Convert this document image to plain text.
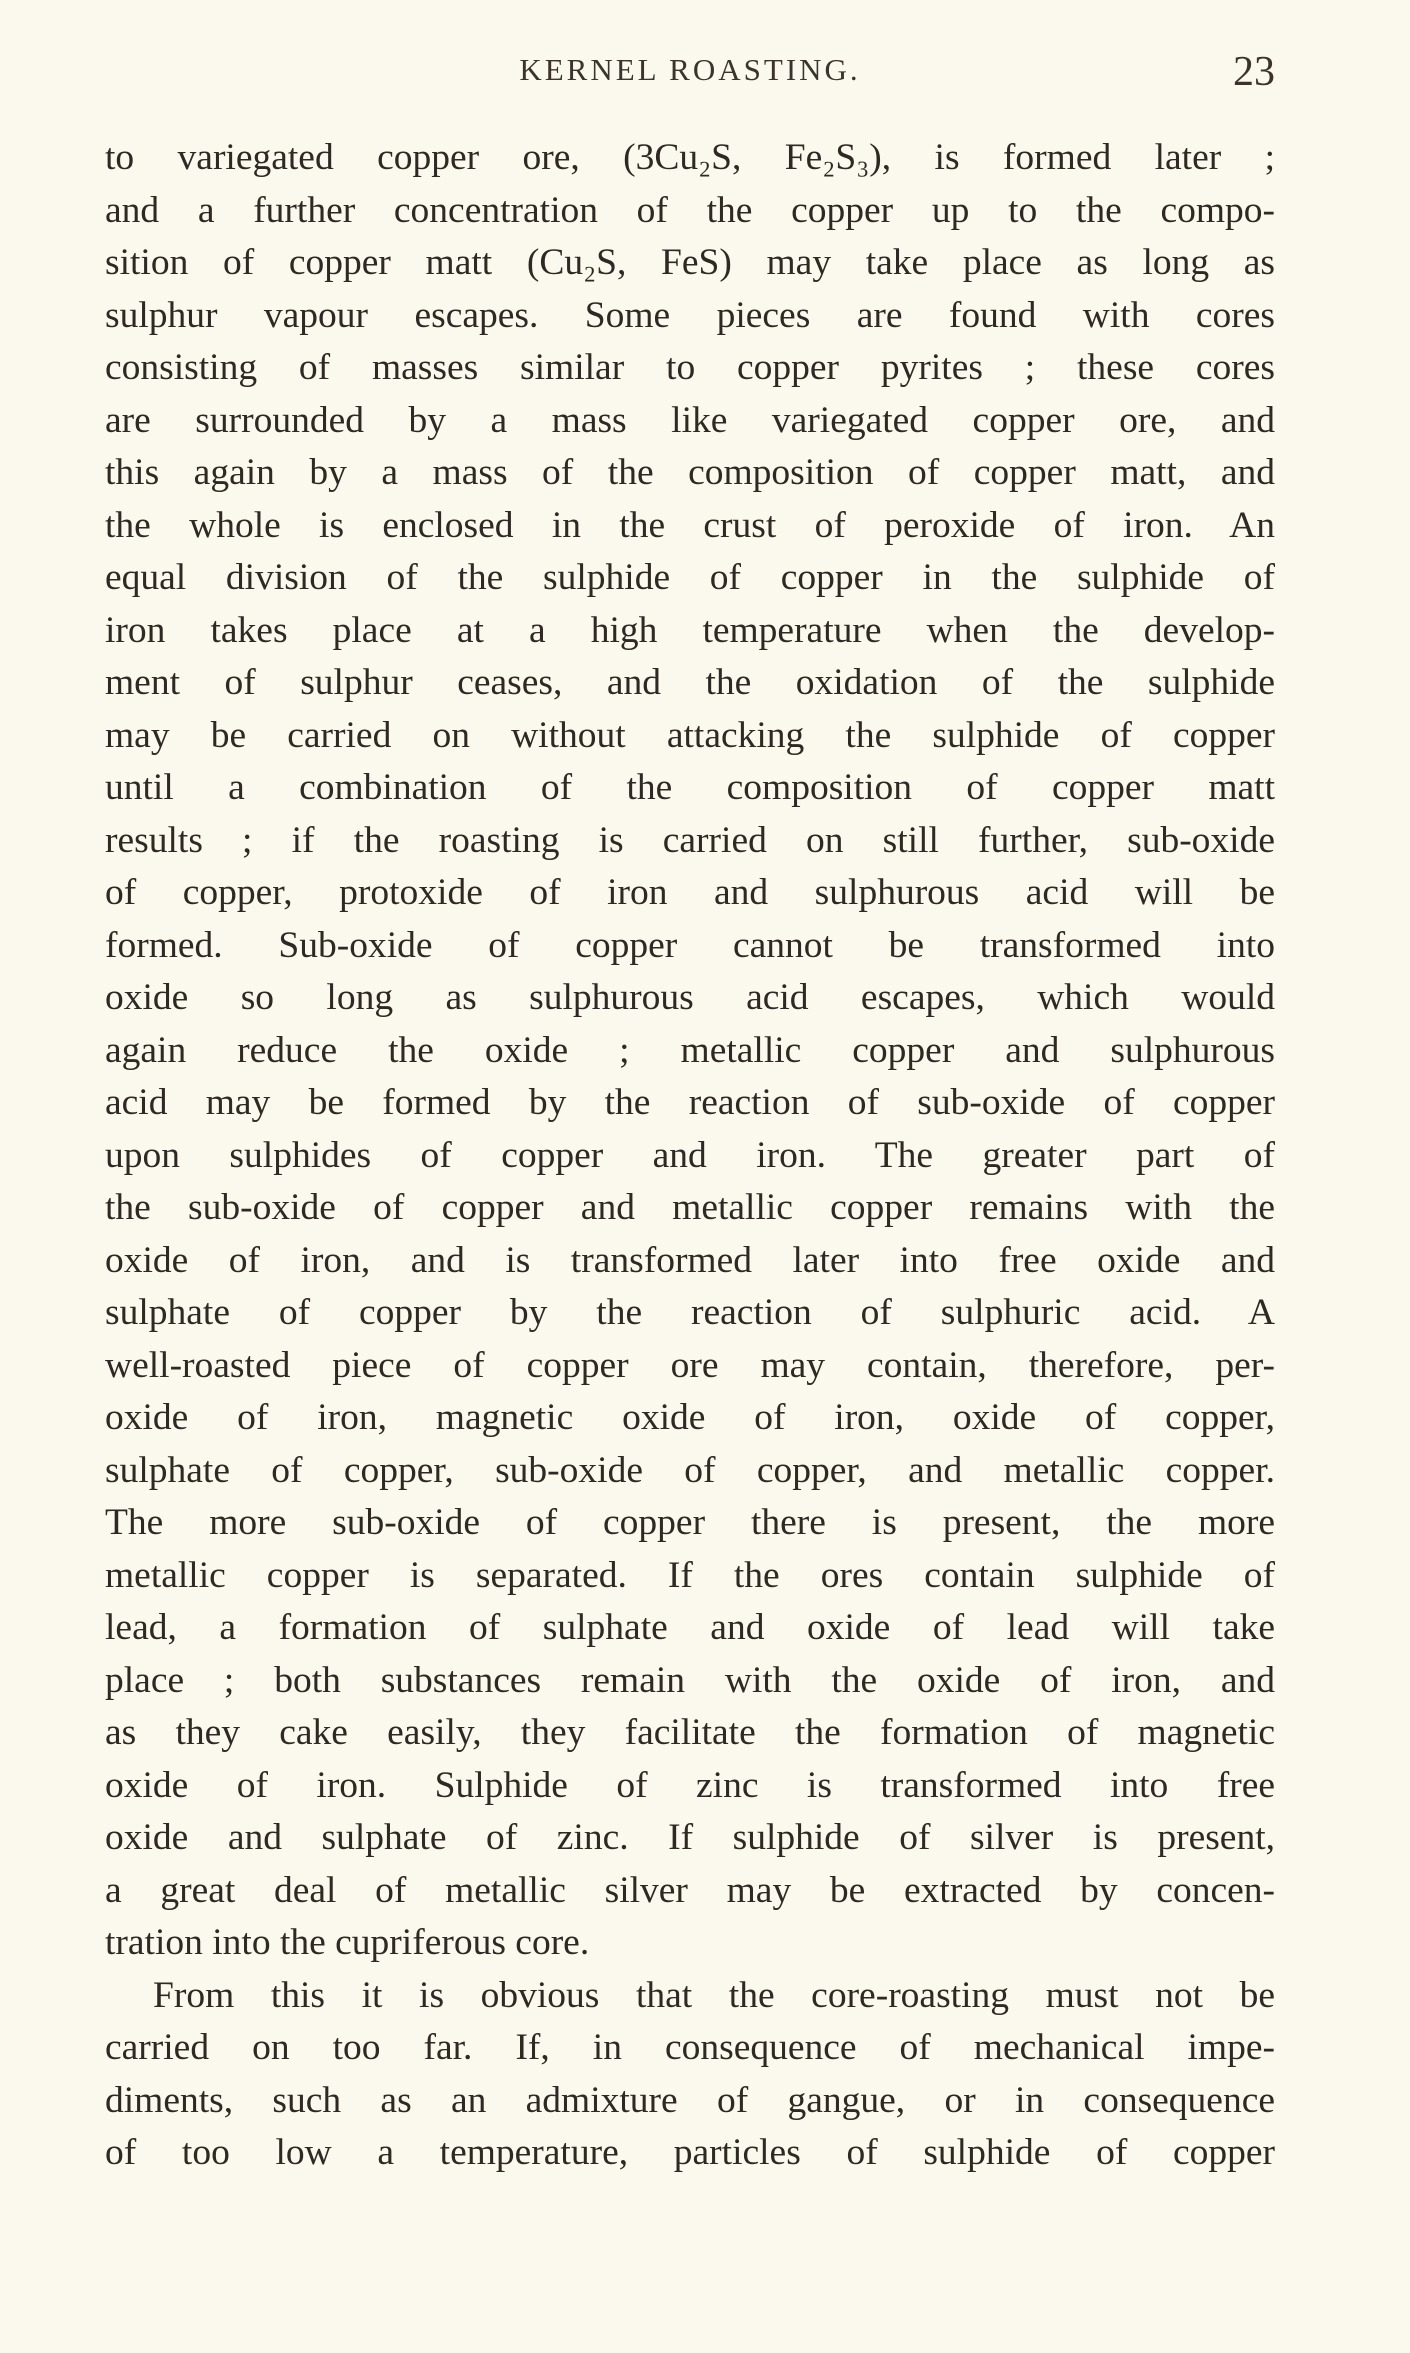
KERNEL ROASTING.	23
to variegated copper ore, (3Cu₂S, Fe₂S₃), is formed later ;
and a further concentration of the copper up to the compo-
sition of copper matt (Cu₂S, FeS) may take place as long as
sulphur vapour escapes. Some pieces are found with cores
consisting of masses similar to copper pyrites ; these cores
are surrounded by a mass like variegated copper ore, and
this again by a mass of the composition of copper matt, and
the whole is enclosed in the crust of peroxide of iron. An
equal division of the sulphide of copper in the sulphide of
iron takes place at a high temperature when the develop-
ment of sulphur ceases, and the oxidation of the sulphide
may be carried on without attacking the sulphide of copper
until a combination of the composition of copper matt
results ; if the roasting is carried on still further, sub-oxide
of copper, protoxide of iron and sulphurous acid will be
formed. Sub-oxide of copper cannot be transformed into
oxide so long as sulphurous acid escapes, which would
again reduce the oxide ; metallic copper and sulphurous
acid may be formed by the reaction of sub-oxide of copper
upon sulphides of copper and iron. The greater part of
the sub-oxide of copper and metallic copper remains with the
oxide of iron, and is transformed later into free oxide and
sulphate of copper by the reaction of sulphuric acid. A
well-roasted piece of copper ore may contain, therefore, per-
oxide of iron, magnetic oxide of iron, oxide of copper,
sulphate of copper, sub-oxide of copper, and metallic copper.
The more sub-oxide of copper there is present, the more
metallic copper is separated. If the ores contain sulphide of
lead, a formation of sulphate and oxide of lead will take
place ; both substances remain with the oxide of iron, and
as they cake easily, they facilitate the formation of magnetic
oxide of iron. Sulphide of zinc is transformed into free
oxide and sulphate of zinc. If sulphide of silver is present,
a great deal of metallic silver may be extracted by concen-
tration into the cupriferous core.
From this it is obvious that the core-roasting must not be
carried on too far. If, in consequence of mechanical impe-
diments, such as an admixture of gangue, or in consequence
of too low a temperature, particles of sulphide of copper
